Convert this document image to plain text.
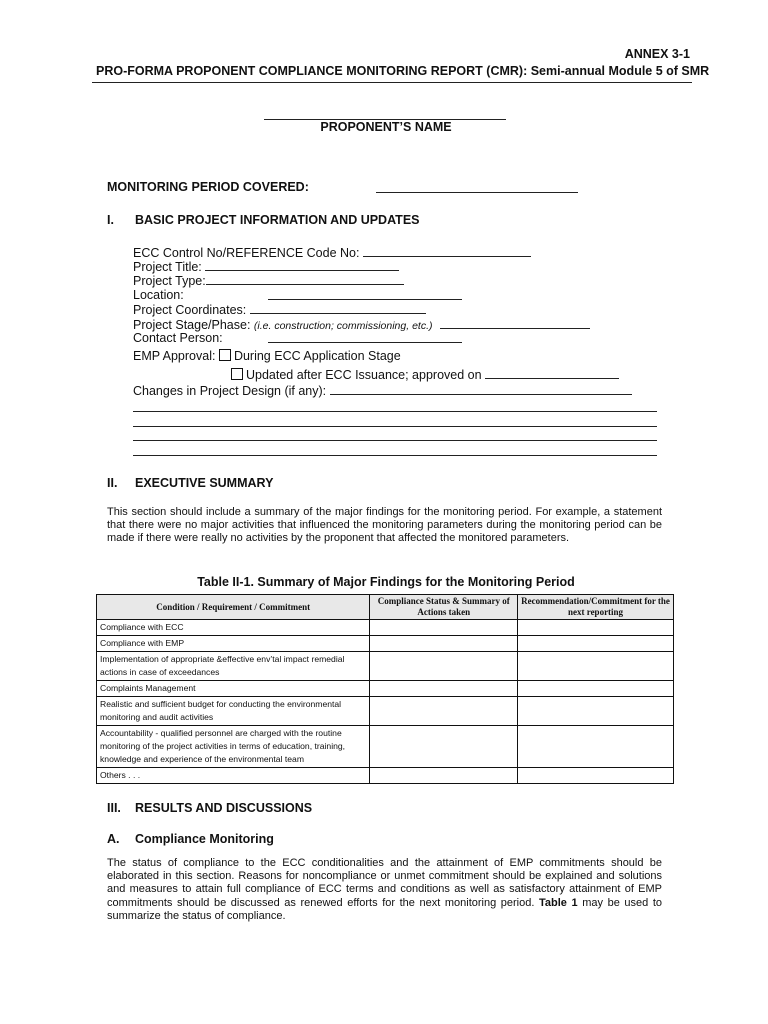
ANNEX 3-1
PRO-FORMA PROPONENT COMPLIANCE MONITORING REPORT (CMR): Semi-annual Module 5 of SMR
PROPONENT’S NAME
MONITORING PERIOD COVERED:
I. BASIC PROJECT INFORMATION AND UPDATES
ECC Control No/REFERENCE Code No:
Project Title:
Project Type:
Location:
Project Coordinates:
Project Stage/Phase: (i.e. construction; commissioning, etc.)
Contact Person:
EMP Approval: During ECC Application Stage
Updated after ECC Issuance; approved on
Changes in Project Design (if any):
II. EXECUTIVE SUMMARY
This section should include a summary of the major findings for the monitoring period. For example, a statement that there were no major activities that influenced the monitoring parameters during the monitoring period can be made if there were really no activities by the proponent that affected the monitored parameters.
Table II-1. Summary of Major Findings for the Monitoring Period
Condition / Requirement / Commitment	Compliance Status & Summary of Actions taken	Recommendation/Commitment for the next reporting
Compliance with ECC		
Compliance with EMP		
Implementation of appropriate &effective env’tal impact remedial actions in case of exceedances		
Complaints Management		
Realistic and sufficient budget for conducting the environmental monitoring and audit activities		
Accountability - qualified personnel are charged with the routine monitoring of the project activities in terms of education, training, knowledge and experience of the environmental team		
Others . . .		
III. RESULTS AND DISCUSSIONS
A. Compliance Monitoring
The status of compliance to the ECC conditionalities and the attainment of EMP commitments should be elaborated in this section. Reasons for noncompliance or unmet commitment should be explained and solutions and measures to attain full compliance of ECC terms and conditions as well as satisfactory attainment of EMP commitments should be discussed as renewed efforts for the next monitoring period. Table 1 may be used to summarize the status of compliance.
